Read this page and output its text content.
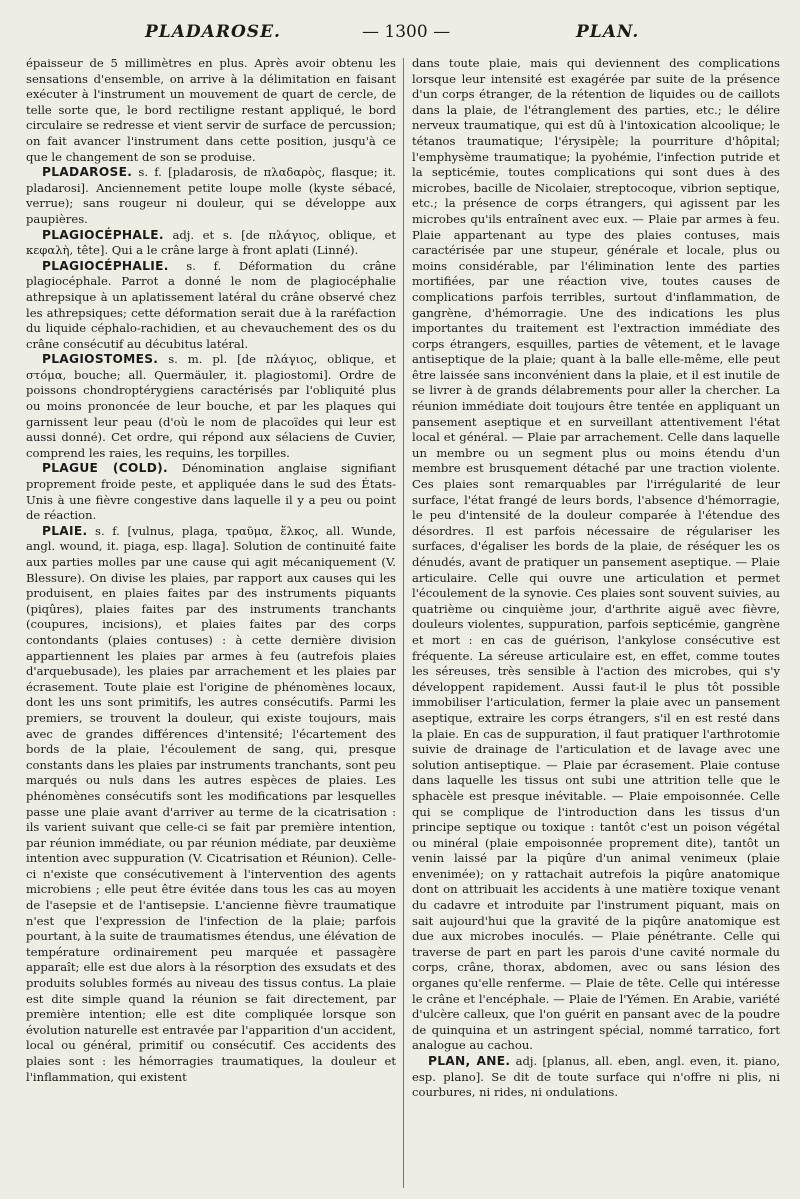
PLADAROSE.	— 1300 —	PLAN.

épaisseur de 5 millimètres en plus. Après avoir obtenu les sensations d'ensemble, on arrive à la délimitation en faisant exécuter à l'instrument un mouvement de quart de cercle, de telle sorte que, le bord rectiligne restant appliqué, le bord circulaire se redresse et vient servir de surface de percussion; on fait avancer l'instrument dans cette position, jusqu'à ce que le changement de son se produise.

PLADAROSE. s. f. [pladarosis, de πλαδαρὸς, flasque; it. pladarosi]. Anciennement petite loupe molle (kyste sébacé, verrue); sans rougeur ni douleur, qui se développe aux paupières.

PLAGIOCÉPHALE. adj. et s. [de πλάγιος, oblique, et κεφαλὴ, tête]. Qui a le crâne large à front aplati (Linné).

PLAGIOCÉPHALIE. s. f. Déformation du crâne plagiocéphale. Parrot a donné le nom de plagiocéphalie athrepsique à un aplatissement latéral du crâne observé chez les athrepsiques; cette déformation serait due à la raréfaction du liquide céphalo-rachidien, et au chevauchement des os du crâne consécutif au décubitus latéral.

PLAGIOSTOMES. s. m. pl. [de πλάγιος, oblique, et στόμα, bouche; all. Quermäuler, it. plagiostomi]. Ordre de poissons chondroptérygiens caractérisés par l'obliquité plus ou moins prononcée de leur bouche, et par les plaques qui garnissent leur peau (d'où le nom de placoïdes qui leur est aussi donné). Cet ordre, qui répond aux sélaciens de Cuvier, comprend les raies, les requins, les torpilles.

PLAGUE (COLD). Dénomination anglaise signifiant proprement froide peste, et appliquée dans le sud des États-Unis à une fièvre congestive dans laquelle il y a peu ou point de réaction.

PLAIE. s. f. [vulnus, plaga, τραῦμα, ἕλκος, all. Wunde, angl. wound, it. piaga, esp. llaga]. Solution de continuité faite aux parties molles par une cause qui agit mécaniquement (V. Blessure). On divise les plaies, par rapport aux causes qui les produisent, en plaies faites par des instruments piquants (piqûres), plaies faites par des instruments tranchants (coupures, incisions), et plaies faites par des corps contondants (plaies contuses) : à cette dernière division appartiennent les plaies par armes à feu (autrefois plaies d'arquebusade), les plaies par arrachement et les plaies par écrasement. Toute plaie est l'origine de phénomènes locaux, dont les uns sont primitifs, les autres consécutifs. Parmi les premiers, se trouvent la douleur, qui existe toujours, mais avec de grandes différences d'intensité; l'écartement des bords de la plaie, l'écoulement de sang, qui, presque constants dans les plaies par instruments tranchants, sont peu marqués ou nuls dans les autres espèces de plaies. Les phénomènes consécutifs sont les modifications par lesquelles passe une plaie avant d'arriver au terme de la cicatrisation : ils varient suivant que celle-ci se fait par première intention, par réunion immédiate, ou par réunion médiate, par deuxième intention avec suppuration (V. Cicatrisation et Réunion). Celle-ci n'existe que consécutivement à l'intervention des agents microbiens ; elle peut être évitée dans tous les cas au moyen de l'asepsie et de l'antisepsie. L'ancienne fièvre traumatique n'est que l'expression de l'infection de la plaie; parfois pourtant, à la suite de traumatismes étendus, une élévation de température ordinairement peu marquée et passagère apparaît; elle est due alors à la résorption des exsudats et des produits solubles formés au niveau des tissus contus. La plaie est dite simple quand la réunion se fait directement, par première intention; elle est dite compliquée lorsque son évolution naturelle est entravée par l'apparition d'un accident, local ou général, primitif ou consécutif. Ces accidents des plaies sont : les hémorragies traumatiques, la douleur et l'inflammation, qui existent

dans toute plaie, mais qui deviennent des complications lorsque leur intensité est exagérée par suite de la présence d'un corps étranger, de la rétention de liquides ou de caillots dans la plaie, de l'étranglement des parties, etc.; le délire nerveux traumatique, qui est dû à l'intoxication alcoolique; le tétanos traumatique; l'érysipèle; la pourriture d'hôpital; l'emphysème traumatique; la pyohémie, l'infection putride et la septicémie, toutes complications qui sont dues à des microbes, bacille de Nicolaier, streptocoque, vibrion septique, etc.; la présence de corps étrangers, qui agissent par les microbes qu'ils entraînent avec eux. — Plaie par armes à feu. Plaie appartenant au type des plaies contuses, mais caractérisée par une stupeur, générale et locale, plus ou moins considérable, par l'élimination lente des parties mortifiées, par une réaction vive, toutes causes de complications parfois terribles, surtout d'inflammation, de gangrène, d'hémorragie. Une des indications les plus importantes du traitement est l'extraction immédiate des corps étrangers, esquilles, parties de vêtement, et le lavage antiseptique de la plaie; quant à la balle elle-même, elle peut être laissée sans inconvénient dans la plaie, et il est inutile de se livrer à de grands délabrements pour aller la chercher. La réunion immédiate doit toujours être tentée en appliquant un pansement aseptique et en surveillant attentivement l'état local et général. — Plaie par arrachement. Celle dans laquelle un membre ou un segment plus ou moins étendu d'un membre est brusquement détaché par une traction violente. Ces plaies sont remarquables par l'irrégularité de leur surface, l'état frangé de leurs bords, l'absence d'hémorragie, le peu d'intensité de la douleur comparée à l'étendue des désordres. Il est parfois nécessaire de régulariser les surfaces, d'égaliser les bords de la plaie, de réséquer les os dénudés, avant de pratiquer un pansement aseptique. — Plaie articulaire. Celle qui ouvre une articulation et permet l'écoulement de la synovie. Ces plaies sont souvent suivies, au quatrième ou cinquième jour, d'arthrite aiguë avec fièvre, douleurs violentes, suppuration, parfois septicémie, gangrène et mort : en cas de guérison, l'ankylose consécutive est fréquente. La séreuse articulaire est, en effet, comme toutes les séreuses, très sensible à l'action des microbes, qui s'y développent rapidement. Aussi faut-il le plus tôt possible immobiliser l'articulation, fermer la plaie avec un pansement aseptique, extraire les corps étrangers, s'il en est resté dans la plaie. En cas de suppuration, il faut pratiquer l'arthrotomie suivie de drainage de l'articulation et de lavage avec une solution antiseptique. — Plaie par écrasement. Plaie contuse dans laquelle les tissus ont subi une attrition telle que le sphacèle est presque inévitable. — Plaie empoisonnée. Celle qui se complique de l'introduction dans les tissus d'un principe septique ou toxique : tantôt c'est un poison végétal ou minéral (plaie empoisonnée proprement dite), tantôt un venin laissé par la piqûre d'un animal venimeux (plaie envenimée); on y rattachait autrefois la piqûre anatomique dont on attribuait les accidents à une matière toxique venant du cadavre et introduite par l'instrument piquant, mais on sait aujourd'hui que la gravité de la piqûre anatomique est due aux microbes inoculés. — Plaie pénétrante. Celle qui traverse de part en part les parois d'une cavité normale du corps, crâne, thorax, abdomen, avec ou sans lésion des organes qu'elle renferme. — Plaie de tête. Celle qui intéresse le crâne et l'encéphale. — Plaie de l'Yémen. En Arabie, variété d'ulcère calleux, que l'on guérit en pansant avec de la poudre de quinquina et un astringent spécial, nommé tarratico, fort analogue au cachou.

PLAN, ANE. adj. [planus, all. eben, angl. even, it. piano, esp. plano]. Se dit de toute surface qui n'offre ni plis, ni courbures, ni rides, ni ondulations.
